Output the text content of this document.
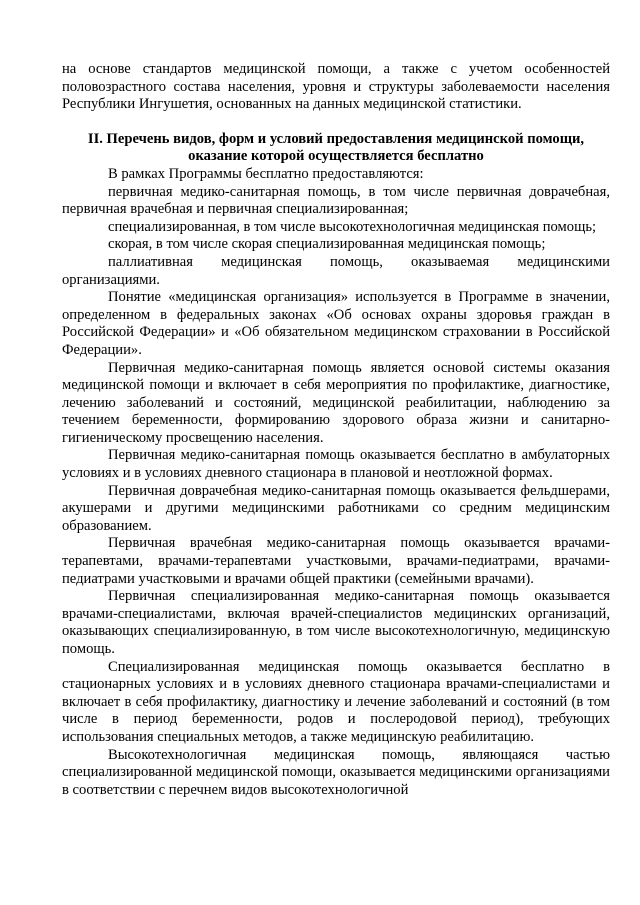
на основе стандартов медицинской помощи, а также с учетом особенностей половозрастного состава населения, уровня и структуры заболеваемости населения Республики Ингушетия, основанных на данных медицинской статистики.

II. Перечень видов, форм и условий предоставления медицинской помощи,
оказание которой осуществляется бесплатно

В рамках Программы бесплатно предоставляются:

первичная медико-санитарная помощь, в том числе первичная доврачебная, первичная врачебная и первичная специализированная;

специализированная, в том числе высокотехнологичная медицинская помощь;

скорая, в том числе скорая специализированная медицинская помощь;

паллиативная медицинская помощь, оказываемая медицинскими организациями.

Понятие «медицинская организация» используется в Программе в значении, определенном в федеральных законах «Об основах охраны здоровья граждан в Российской Федерации» и «Об обязательном медицинском страховании в Российской Федерации».

Первичная медико-санитарная помощь является основой системы оказания медицинской помощи и включает в себя мероприятия по профилактике, диагностике, лечению заболеваний и состояний, медицинской реабилитации, наблюдению за течением беременности, формированию здорового образа жизни и санитарно-гигиеническому просвещению населения.

Первичная медико-санитарная помощь оказывается бесплатно в амбулаторных условиях и в условиях дневного стационара в плановой и неотложной формах.

Первичная доврачебная медико-санитарная помощь оказывается фельдшерами, акушерами и другими медицинскими работниками со средним медицинским образованием.

Первичная врачебная медико-санитарная помощь оказывается врачами-терапевтами, врачами-терапевтами участковыми, врачами-педиатрами, врачами-педиатрами участковыми и врачами общей практики (семейными врачами).

Первичная специализированная медико-санитарная помощь оказывается врачами-специалистами, включая врачей-специалистов медицинских организаций, оказывающих специализированную, в том числе высокотехнологичную, медицинскую помощь.

Специализированная медицинская помощь оказывается бесплатно в стационарных условиях и в условиях дневного стационара врачами-специалистами и включает в себя профилактику, диагностику и лечение заболеваний и состояний (в том числе в период беременности, родов и послеродовой период), требующих использования специальных методов, а также медицинскую реабилитацию.

Высокотехнологичная медицинская помощь, являющаяся частью специализированной медицинской помощи, оказывается медицинскими организациями в соответствии с перечнем видов высокотехнологичной
